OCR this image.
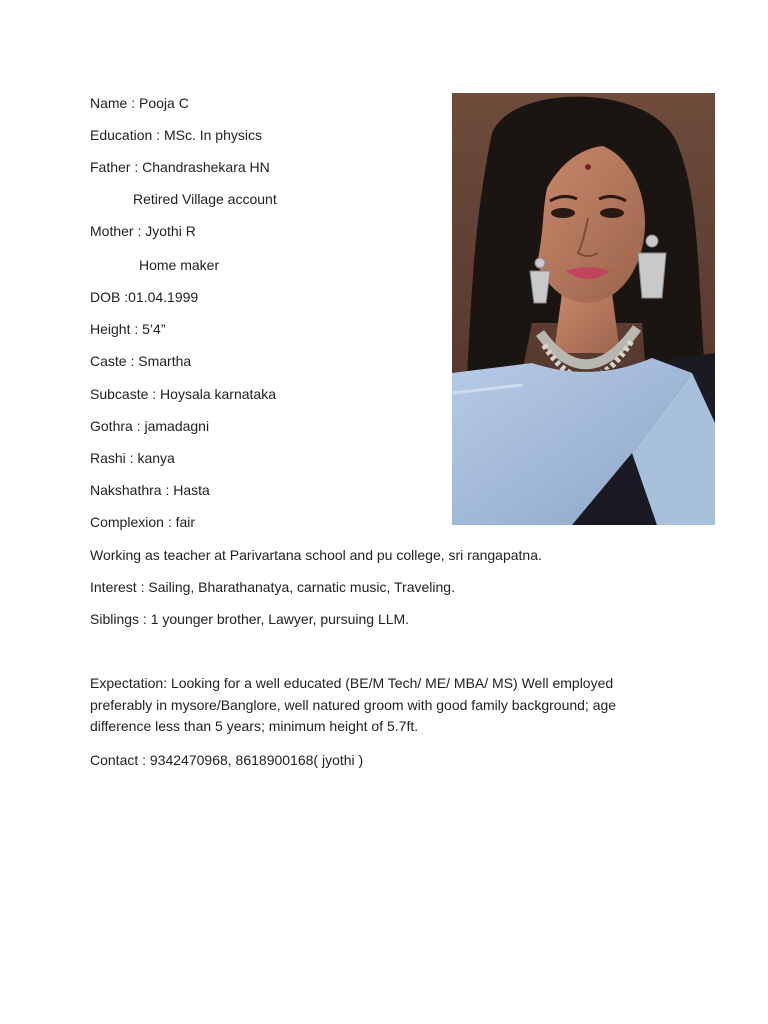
Name : Pooja C
Education : MSc. In physics
Father : Chandrashekara HN
Retired Village account
Mother : Jyothi R
Home maker
DOB :01.04.1999
Height : 5’4”
Caste : Smartha
Subcaste : Hoysala karnataka
Gothra : jamadagni
Rashi : kanya
Nakshathra : Hasta
Complexion : fair
Working as teacher at Parivartana school and pu college, sri rangapatna.
Interest : Sailing, Bharathanatya, carnatic music, Traveling.
Siblings : 1 younger brother, Lawyer, pursuing LLM.
Expectation: Looking for a well educated (BE/M Tech/ ME/ MBA/ MS) Well employed preferably in mysore/Banglore, well natured groom with good family background; age difference less than 5 years; minimum height of 5.7ft.
Contact : 9342470968, 8618900168( jyothi )
